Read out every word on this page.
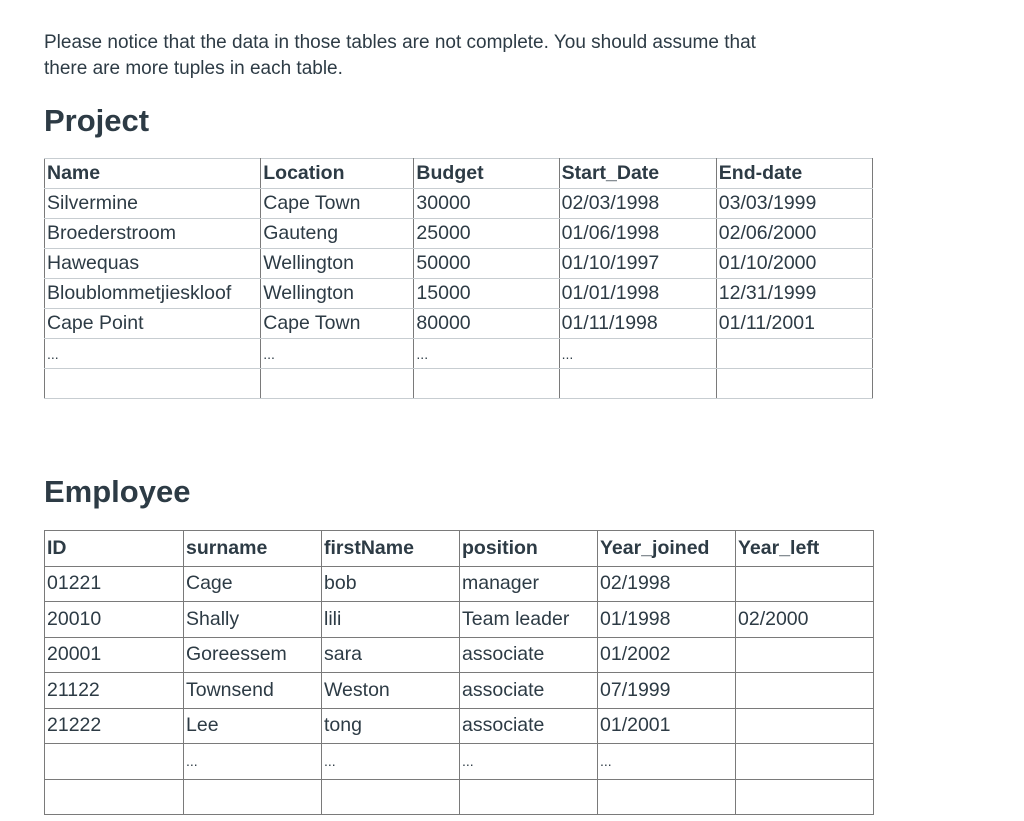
Please notice that the data in those tables are not complete. You should assume that

there are more tuples in each table.

Project
Name	Location	Budget	Start_Date	End-date
Silvermine	Cape Town	30000	02/03/1998	03/03/1999
Broederstroom	Gauteng	25000	01/06/1998	02/06/2000
Hawequas	Wellington	50000	01/10/1997	01/10/2000
Bloublommetjieskloof	Wellington	15000	01/01/1998	12/31/1999
Cape Point	Cape Town	80000	01/11/1998	01/11/2001
...	...	...	...	

Employee
ID	surname	firstName	position	Year_joined	Year_left
01221	Cage	bob	manager	02/1998	
20010	Shally	lili	Team leader	01/1998	02/2000
20001	Goreessem	sara	associate	01/2002	
21122	Townsend	Weston	associate	07/1999	
21222	Lee	tong	associate	01/2001	
	...	...	...	...	
